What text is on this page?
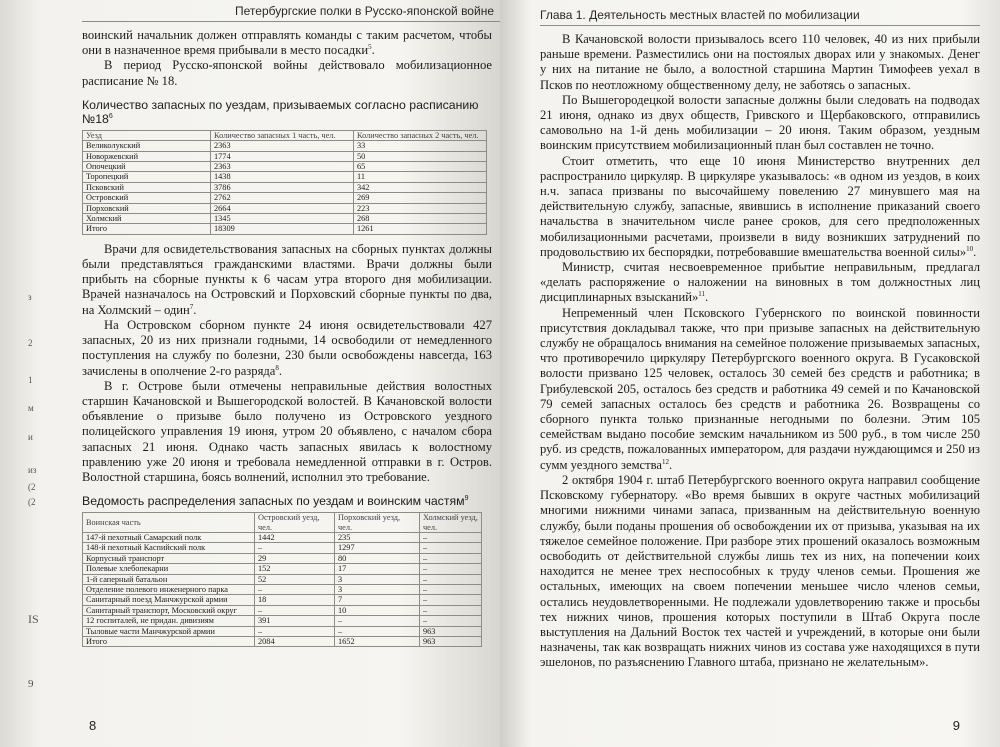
Петербургские полки в Русско-японской войне

воинский начальник должен отправлять команды с таким расчетом, чтобы они в назначенное время прибывали в место посадки$^5$.

В период Русско-японской войны действовало мобилизационное расписание № 18.

Количество запасных по уездам, призываемых согласно расписанию $№18^6$
Уезд	Количество запасных 1 часть, чел.	Количество запасных 2 часть, чел.
Великолукский	2363	33
Новоржевский	1774	50
Опочецкий	2363	65
Торопецкий	1438	11
Псковский	3786	342
Островский	2762	269
Порховский	2664	223
Холмский	1345	268
Итого	18309	1261

Врачи для освидетельствования запасных на сборных пунктах должны были представляться гражданскими властями. Врачи должны были прибыть на сборные пункты к 6 часам утра второго дня мобилизации. Врачей назначалось на Островский и Порховский сборные пункты по два, на Холмский – один$^7$.

На Островском сборном пункте 24 июня освидетельствовали 427 запасных, 20 из них признали годными, 14 освободили от немедленного поступления на службу по болезни, 230 были освобождены навсегда, 163 зачислены в ополчение 2-го разряда$^8$.

В г. Острове были отмечены неправильные действия волостных старшин Качановской и Вышегородской волостей. В Качановской волости объявление о призыве было получено из Островского уездного полицейского управления 19 июня, утром 20 объявлено, с началом сбора запасных 21 июня. Однако часть запасных явилась к волостному правлению уже 20 июня и требовала немедленной отправки в г. Остров. Волостной старшина, боясь волнений, исполнил это требование.

Ведомость распределения запасных по уездам и воинским частям$^9$
Воинская часть	Островский уезд, чел.	Порховский уезд, чел.	Холмский уезд, чел.
147-й пехотный Самарский полк	1442	235	–
148-й пехотный Каспийский полк	–	1297	–
Корпусный транспорт	29	80	–
Полевые хлебопекарни	152	17	–
1-й саперный батальон	52	3	–
Отделение полевого инженерного парка	–	3	–
Санитарный поезд Манчжурской армии	18	7	–
Санитарный транспорт, Московский округ	–	10	–
12 госпиталей, не придан. дивизиям	391	–	–
Тыловые части Манчжурской армии	–	–	963
Итого	2084	1652	963
з
2
1
м
и
из
(2
(2
IS
9
8
Глава 1. Деятельность местных властей по мобилизации

В Качановской волости призывалось всего 110 человек, 40 из них прибыли раньше времени. Разместились они на постоялых дворах или у знакомых. Денег у них на питание не было, а волостной старшина Мартин Тимофеев уехал в Псков по неотложному общественному делу, не заботясь о запасных.

По Вышегородецкой волости запасные должны были следовать на подводах 21 июня, однако из двух обществ, Гривского и Щербаковского, отправились самовольно на 1-й день мобилизации – 20 июня. Таким образом, уездным воинским присутствием мобилизационный план был составлен не точно.

Стоит отметить, что еще 10 июня Министерство внутренних дел распространило циркуляр. В циркуляре указывалось: «в одном из уездов, в коих н.ч. запаса призваны по высочайшему повелению 27 минувшего мая на действительную службу, запасные, явившись в исполнение приказаний своего начальства в значительном числе ранее сроков, для сего предположенных мобилизационными расчетами, произвели в виду возникших затруднений по продовольствию их беспорядки, потребовавшие вмешательства военной силы»$^{10}$.

Министр, считая несвоевременное прибытие неправильным, предлагал «делать распоряжение о наложении на виновных в том должностных лиц дисциплинарных взысканий»$^{11}$.

Непременный член Псковского Губернского по воинской повинности присутствия докладывал также, что при призыве запасных на действительную службу не обращалось внимания на семейное положение призываемых запасных, что противоречило циркуляру Петербургского военного округа. В Гусаковской волости призвано 125 человек, осталось 30 семей без средств и работника; в Грибулевской 205, осталось без средств и работника 49 семей и по Качановской 79 семей запасных осталось без средств и работника 26. Возвращены со сборного пункта только признанные негодными по болезни. Этим 105 семействам выдано пособие земским начальником из 500 руб., в том числе 250 руб. из средств, пожалованных императором, для раздачи нуждающимся и 250 из сумм уездного земства$^{12}$.

2 октября 1904 г. штаб Петербургского военного округа направил сообщение Псковскому губернатору. «Во время бывших в округе частных мобилизаций многими нижними чинами запаса, призванным на действительную военную службу, были поданы прошения об освобождении их от призыва, указывая на их тяжелое семейное положение. При разборе этих прошений оказалось возможным освободить от действительной службы лишь тех из них, на попечении коих находится не менее трех неспособных к труду членов семьи. Прошения же остальных, имеющих на своем попечении меньшее число членов семьи, остались неудовлетворенными. Не подлежали удовлетворению также и просьбы тех нижних чинов, прошения которых поступили в Штаб Округа после выступления на Дальний Восток тех частей и учреждений, в которые они были назначены, так как возвращать нижних чинов из состава уже находящихся в пути эшелонов, по разъяснению Главного штаба, признано не желательным».

9
